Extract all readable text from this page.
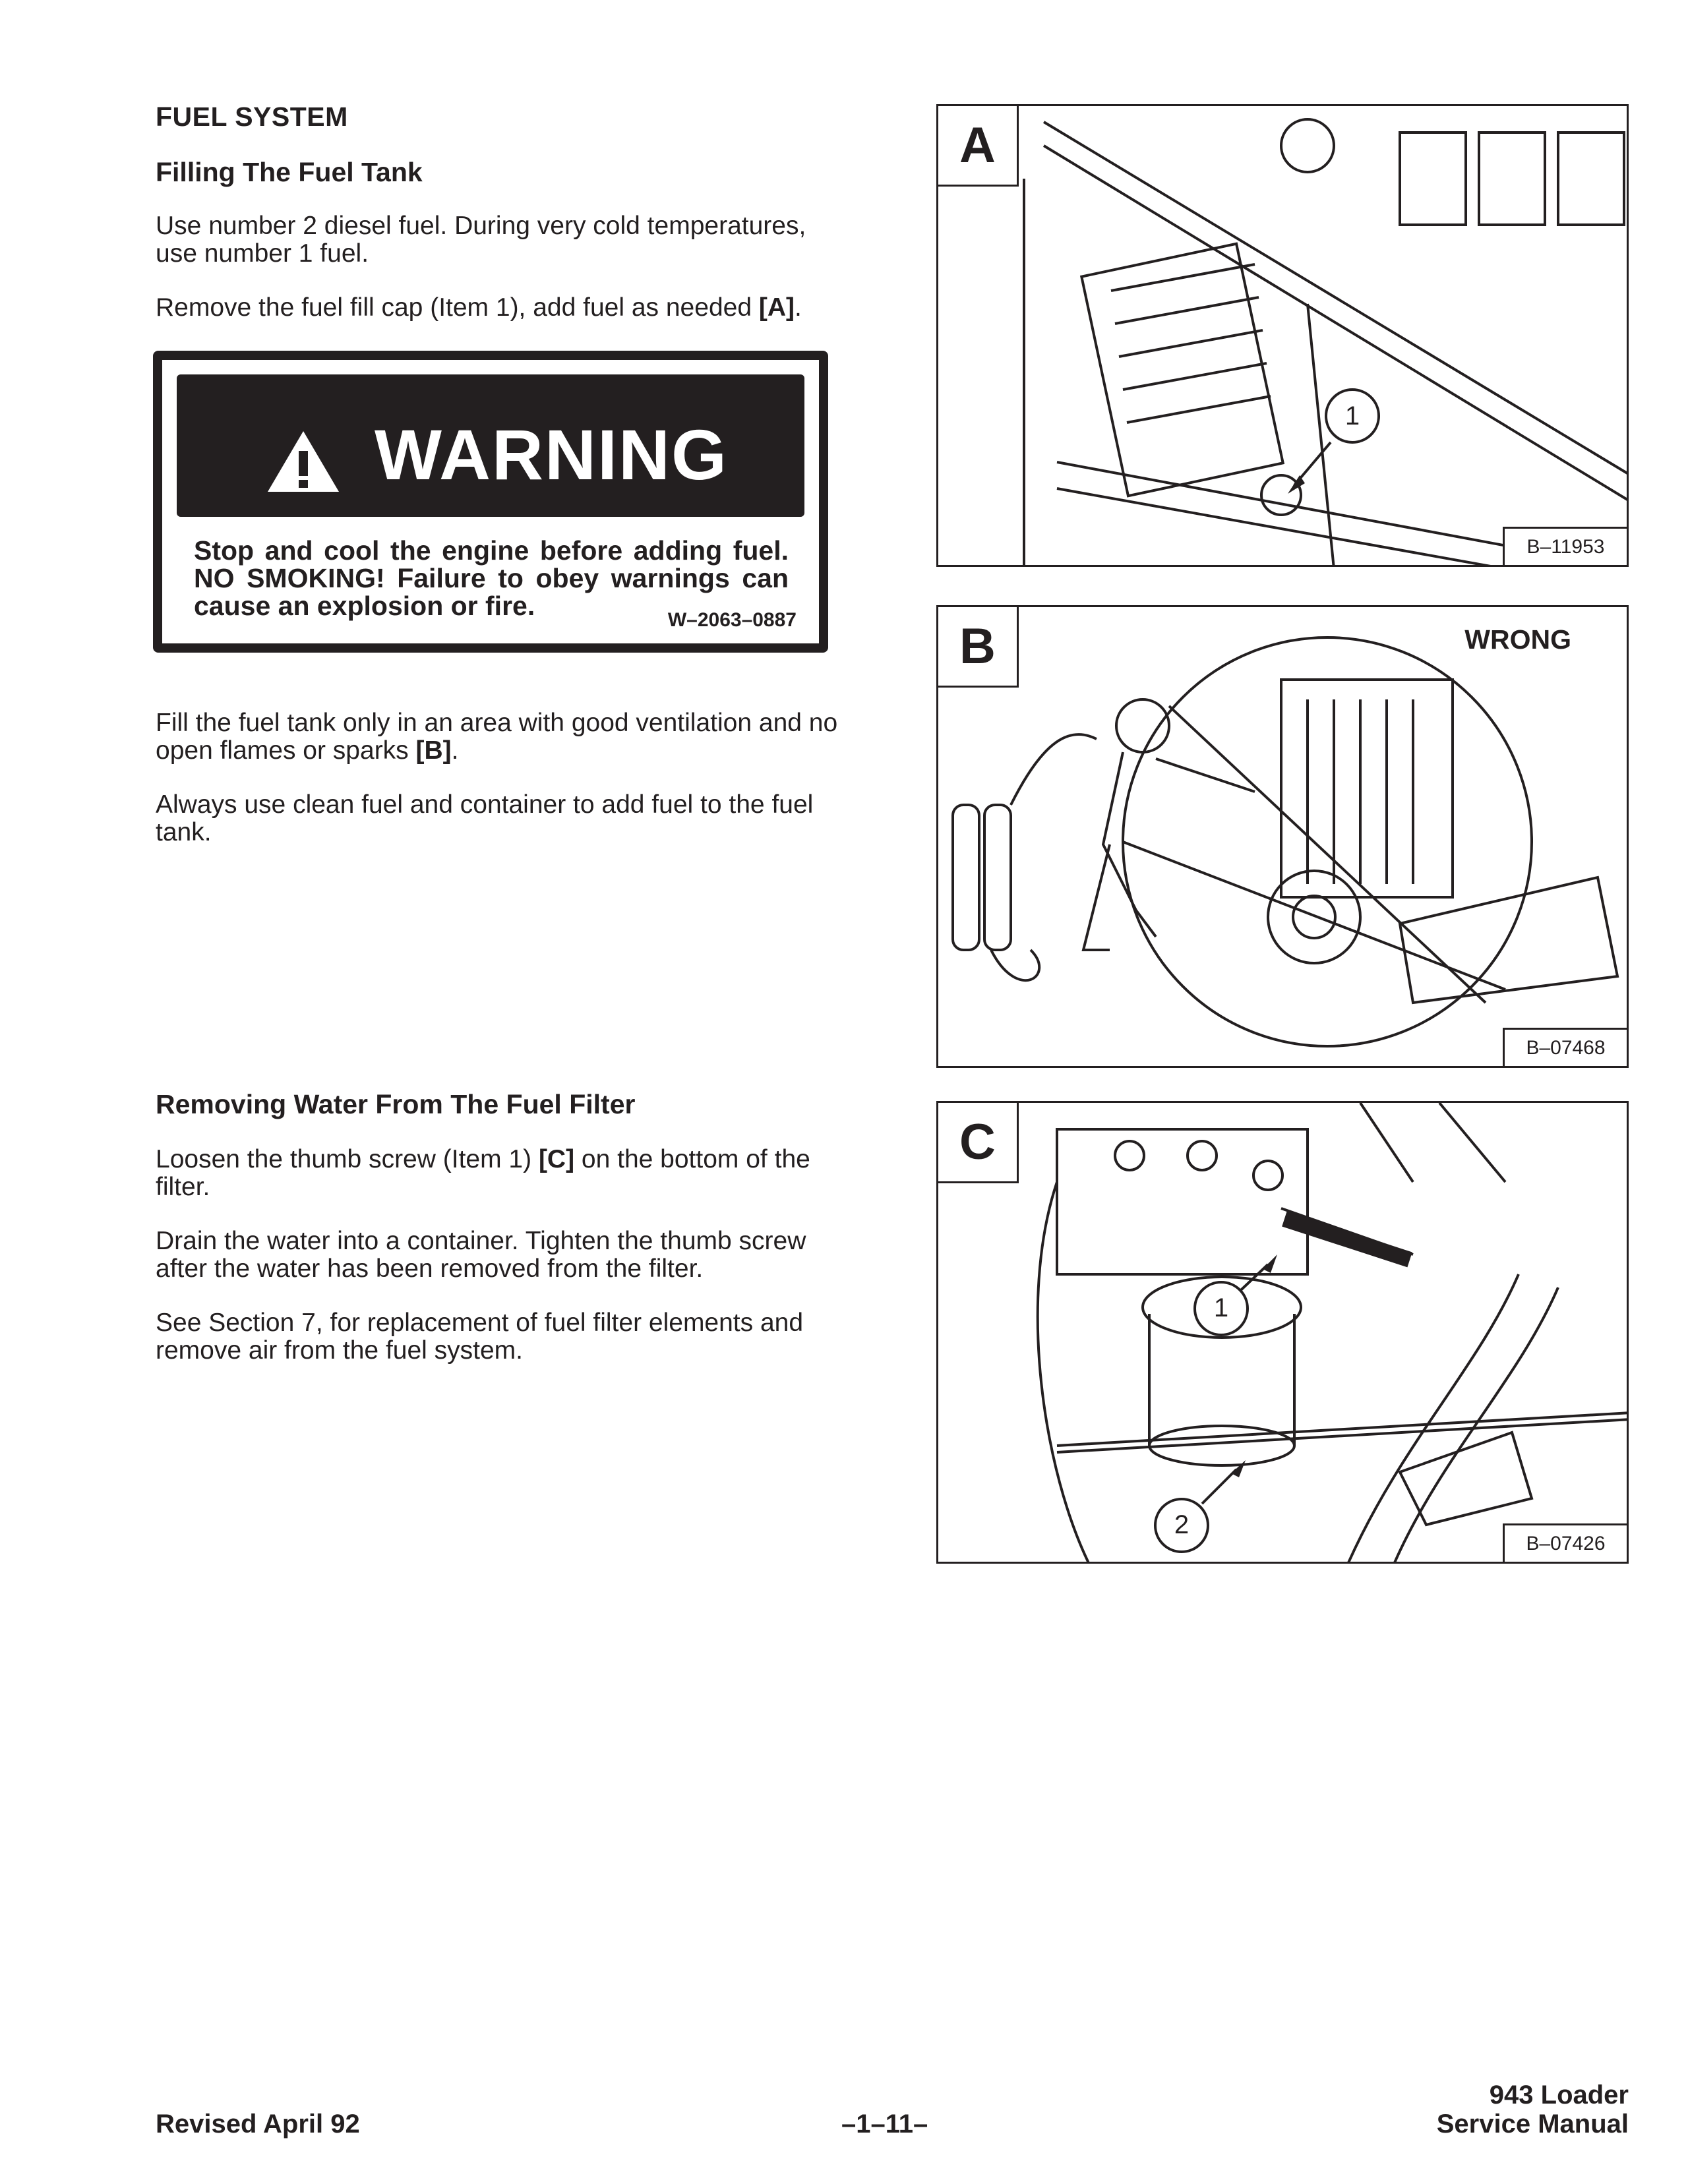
FUEL SYSTEM
Filling The Fuel Tank
Use number 2 diesel fuel. During very cold temperatures, use number 1 fuel.
Remove the fuel fill cap (Item 1), add fuel as needed [A].
WARNING
Stop and cool the engine before adding fuel. NO SMOKING! Failure to obey warnings can cause an explosion or fire.	W–2063–0887
Fill the fuel tank only in an area with good ventilation and no open flames or sparks [B].
Always use clean fuel and container to add fuel to the fuel tank.
Removing Water From The Fuel Filter
Loosen the thumb screw (Item 1) [C] on the bottom of the filter.
Drain the water into a container. Tighten the thumb screw after the water has been removed from the filter.
See Section 7, for replacement of fuel filter elements and remove air from the fuel system.
1
A
B–11953
WRONG
B
B–07468
1
2
C
B–07426
Revised April 92	–1–11–
943 Loader
Service Manual
